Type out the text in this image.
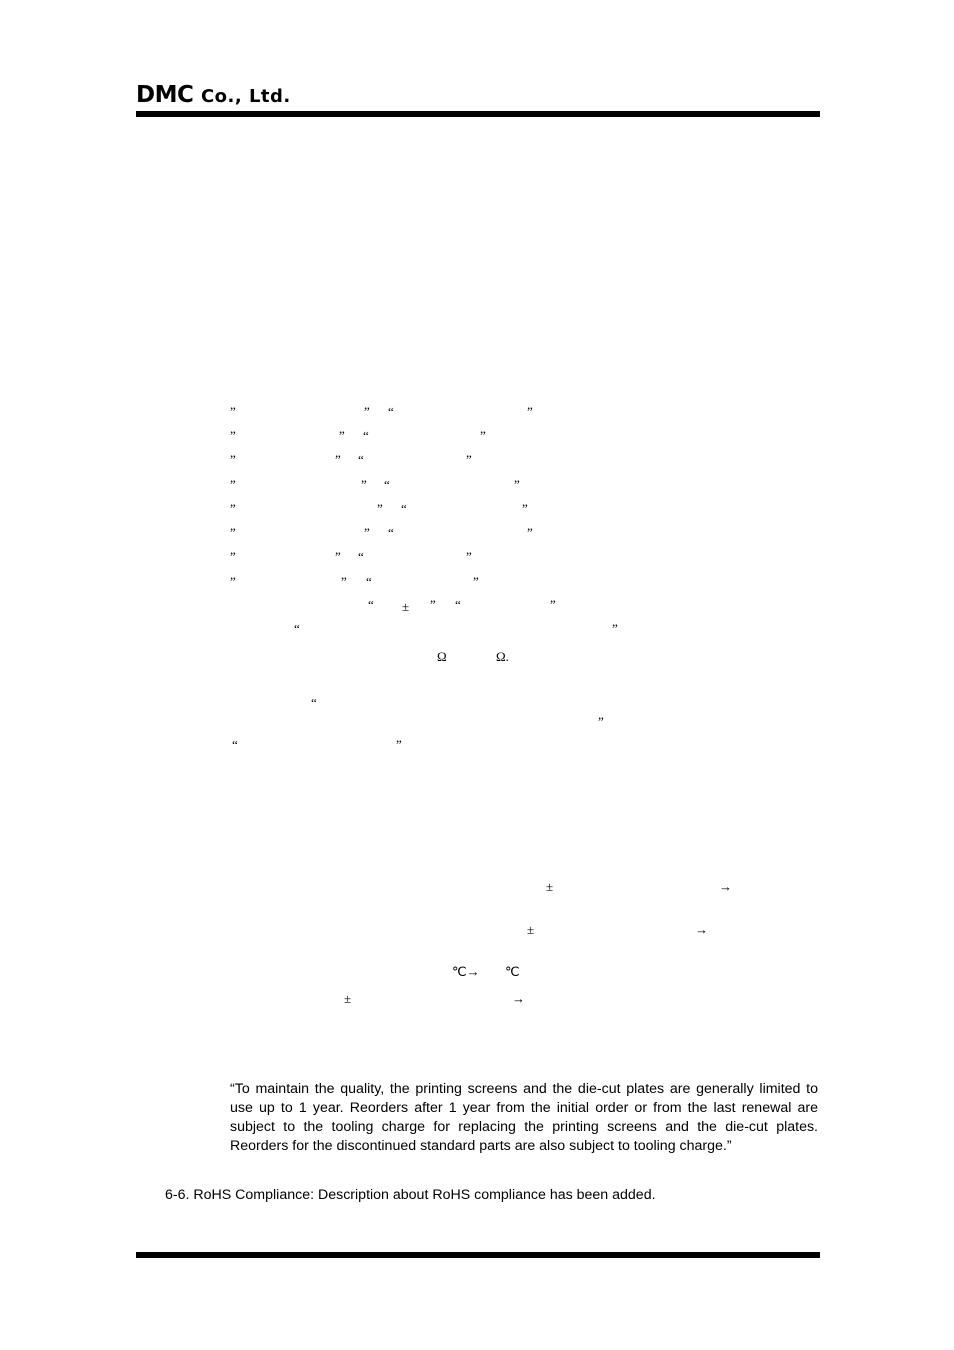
DMC Co., Ltd.
”	” “	”
”	” “	”
”	” “	”
”	” “	”
”	” “	”
”	” “	”
”	” “	”
”	” “	”
“ ± ” “	”
“	”
Ω	Ω.
“
”
“	”
±	→
±	→
℃→ ℃
±	→
“To maintain the quality, the printing screens and the die-cut plates are generally limited to use up to 1 year. Reorders after 1 year from the initial order or from the last renewal are subject to the tooling charge for replacing the printing screens and the die-cut plates. Reorders for the discontinued standard parts are also subject to tooling charge.”
6-6. RoHS Compliance: Description about RoHS compliance has been added.
